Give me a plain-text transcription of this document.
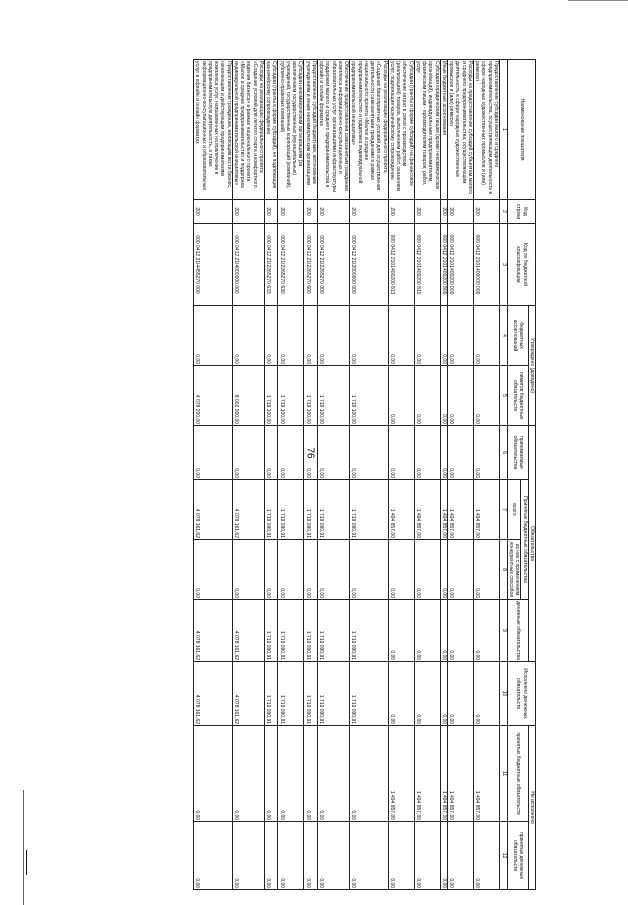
76
Наименование показателя	Код строки	Код по бюджетной классификации	Утверждено (доведено)		Обязательства				Исполнено денежных обязательств	Не исполнено	
			бюджетных ассигнований	лимитов бюджетных обязательств	принимаемые обязательства	Принятые бюджетные обязательства		денежные обязательства		принятых бюджетных обязательств	принятых денежных обязательств
						всего	из них с применением конкурентных способов				
1	2	3	4	5	6	7	8	9	10	11	12
Предоставление субсидии малого и среднего предпринимательства, осуществляющим деятельность в сфере народных художественных промыслов и (или) ремесел	200	000 0412 2101400000 000	0,00	0,00	0,00	1 494 857,00	0,00	0,00	0,00	1 494 857,00	0,00
Расходы на предоставление субсидий субъектам малого и среднего предпринимательства, осуществляющим деятельность в сфере народных художественных промыслов и (или) ремесел	200	000 0412 2101400200 000	0,00	0,00	0,00	1 494 857,00	0,00	0,00	0,00	1 494 857,00	0,00
Иные бюджетные ассигнования	200	000 0412 2101400200 800	0,00	0,00	0,00	1 494 857,00	0,00	0,00	0,00	1 494 857,00	0,00
Субсидии юридическим лицам (кроме некоммерческих организаций), индивидуальным предпринимателям, физическим лицам - производителям товаров, работ, услуг	200	000 0412 2101400200 810	0,00	0,00	0,00	1 494 857,00	0,00	0,00	0,00	1 494 857,00	0,00
Субсидии (гранты в форме субсидий) на финансовое обеспечение затрат в связи с производством (реализацией) товаров, выполнением работ, оказанием услуг, подлежащие казначейскому сопровождению	200	000 0412 2101400200 813	0,00	0,00	0,00	1 494 857,00	0,00	0,00	0,00	1 494 857,00	0,00
Расходы на реализацию федерального проекта «Создание благоприятных условий для осуществления деятельности самозанятыми гражданами в рамках национального проекта «Малое и среднее предпринимательство и поддержка индивидуальной предпринимательской инициативы»	200	000 0412 21I2000000 000	0,00	1 719 100,00	0,00	1 719 090,91	0,00	1 719 090,91	1 719 090,91	0,00	0,00
Обеспечение предоставления самозанятым гражданам комплекса информационно-консультационных и образовательных услуг организациями инфраструктуры поддержки малого и среднего предпринимательства в офлайн и онлайн форматах	200	000 0412 21I2265270 000	0,00	1 719 100,00	0,00	1 719 090,91	0,00	1 719 090,91	1 719 090,91	0,00	0,00
Предоставление субсидий бюджетным, автономным учреждениям и иным некоммерческим организациям	200	000 0412 21I2265270 600	0,00	1 719 100,00	0,00	1 719 090,91	0,00	1 719 090,91	1 719 090,91	0,00	0,00
Субсидии некоммерческим организациям (за исключением государственных (муниципальных) учреждений, государственных корпораций (компаний), публично-правовых компаний)	200	000 0412 21I2265270 630	0,00	1 719 100,00	0,00	1 719 090,91	0,00	1 719 090,91	1 719 090,91	0,00	0,00
Субсидии (гранты в форме субсидий), не подлежащие казначейскому сопровождению	200	000 0412 21I2265270 633	0,00	1 719 100,00	0,00	1 719 090,91	0,00	1 719 090,91	1 719 090,91	0,00	0,00
Расходы на реализацию федерального проекта «Создание условий для легкого старта и комфортного ведения бизнеса» в рамках национального проекта «Малое и среднее предпринимательство и поддержка индивидуальной предпринимательской инициативы»	200	000 0412 21I4000000 000	0,00	8 002 000,00	0,00	4 078 161,62	0,00	4 078 161,62	4 078 161,62	0,00	0,00
Предоставление гражданам, желающим вести бизнес, начинающим и действующим предпринимателям комплекса услуг, направленных на вовлечение в предпринимательскую деятельность, а также информационно-консультационных и образовательных услуг в офлайн и онлайн форматах	200	000 0412 21I4455270 000	0,00	4 078 200,00	0,00	4 078 161,62	0,00	4 078 161,62	4 078 161,62	0,00	0,00
